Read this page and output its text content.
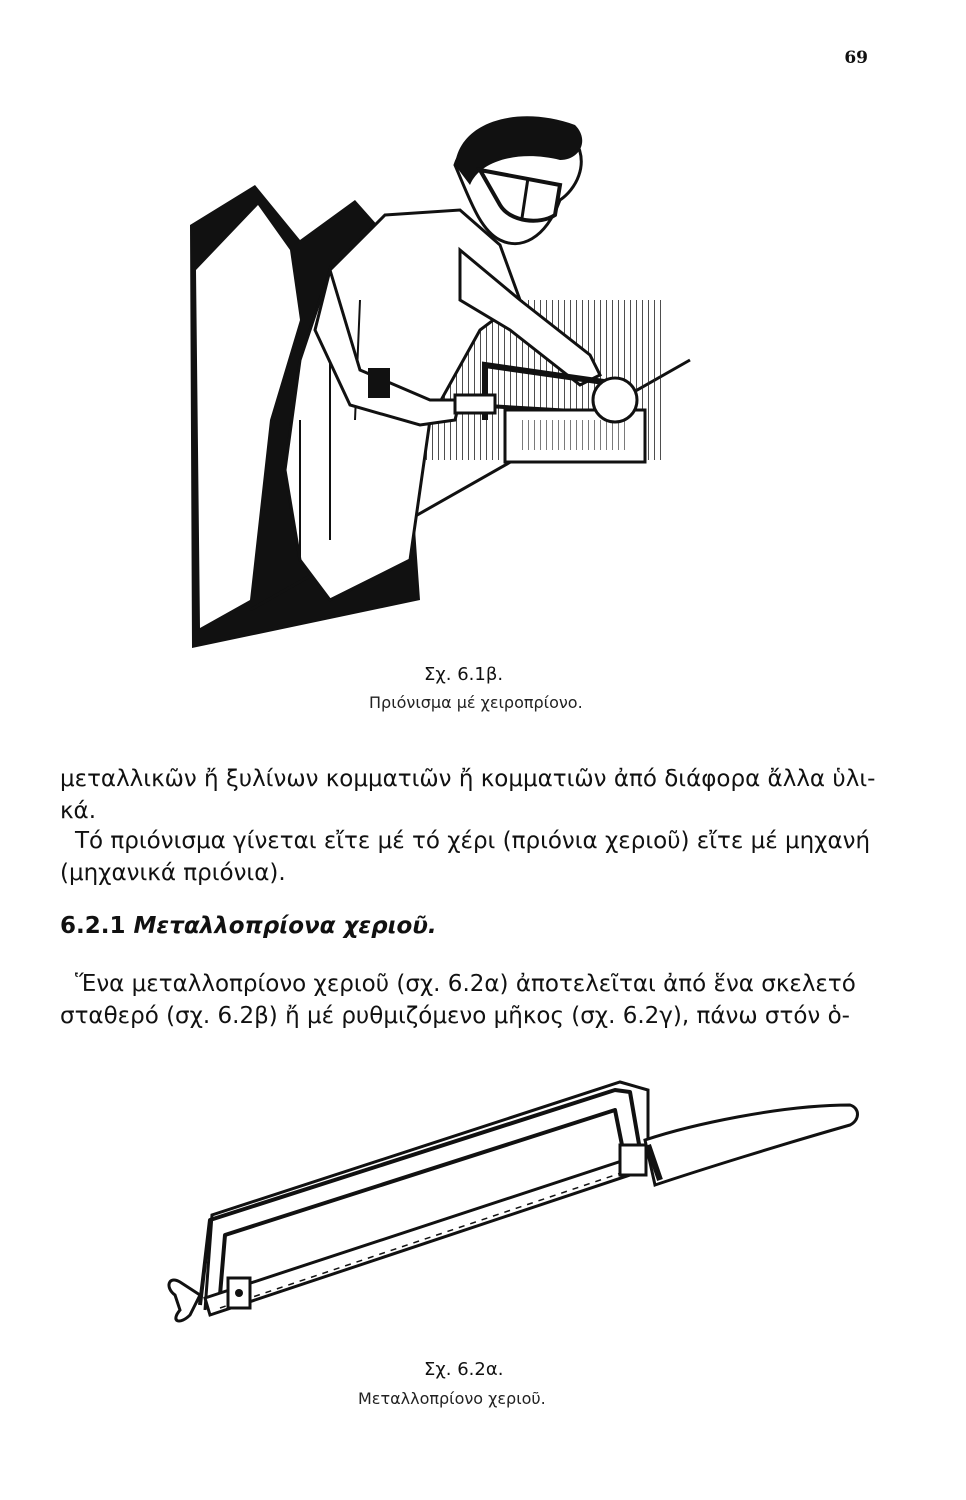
69
Σχ. 6.1β.
Πριόνισμα μέ χειροπρίονο.

μεταλλικῶν ἤ ξυλίνων κομματιῶν ἤ κομματιῶν ἀπό διάφορα ἄλλα ὑλι-

κά.

Τό πριόνισμα γίνεται εἴτε μέ τό χέρι (πριόνια χεριοῦ) εἴτε μέ μηχανή

(μηχανικά πριόνια).

6.2.1 Μεταλλοπρίονα χεριοῦ.

Ἕνα μεταλλοπρίονο χεριοῦ (σχ. 6.2α) ἀποτελεῖται ἀπό ἕνα σκελετό

σταθερό (σχ. 6.2β) ἤ μέ ρυθμιζόμενο μῆκος (σχ. 6.2γ), πάνω στόν ὁ-

Σχ. 6.2α.
Μεταλλοπρίονο χεριοῦ.
